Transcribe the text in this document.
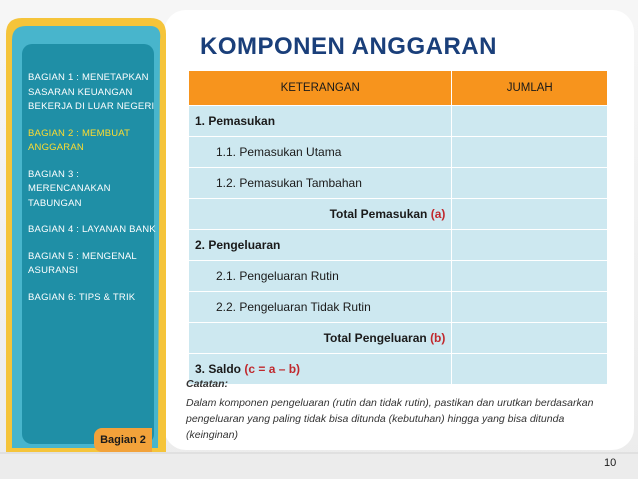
BAGIAN 1 : MENETAPKAN SASARAN KEUANGAN BEKERJA DI LUAR NEGERI
BAGIAN 2 : MEMBUAT ANGGARAN
BAGIAN 3 : MERENCANAKAN TABUNGAN
BAGIAN 4 : LAYANAN BANK
BAGIAN 5 : MENGENAL ASURANSI
BAGIAN 6: TIPS & TRIK
Bagian 2
KOMPONEN ANGGARAN
KETERANGAN	JUMLAH
1. Pemasukan	
1.1. Pemasukan Utama	
1.2. Pemasukan Tambahan	
Total Pemasukan (a)	
2. Pengeluaran	
2.1. Pengeluaran Rutin	
2.2. Pengeluaran Tidak Rutin	
Total Pengeluaran (b)	
3. Saldo (c = a – b)	
Catatan:
Dalam komponen pengeluaran (rutin dan tidak rutin), pastikan dan urutkan berdasarkan pengeluaran yang paling tidak bisa ditunda (kebutuhan) hingga yang bisa ditunda (keinginan)
10
